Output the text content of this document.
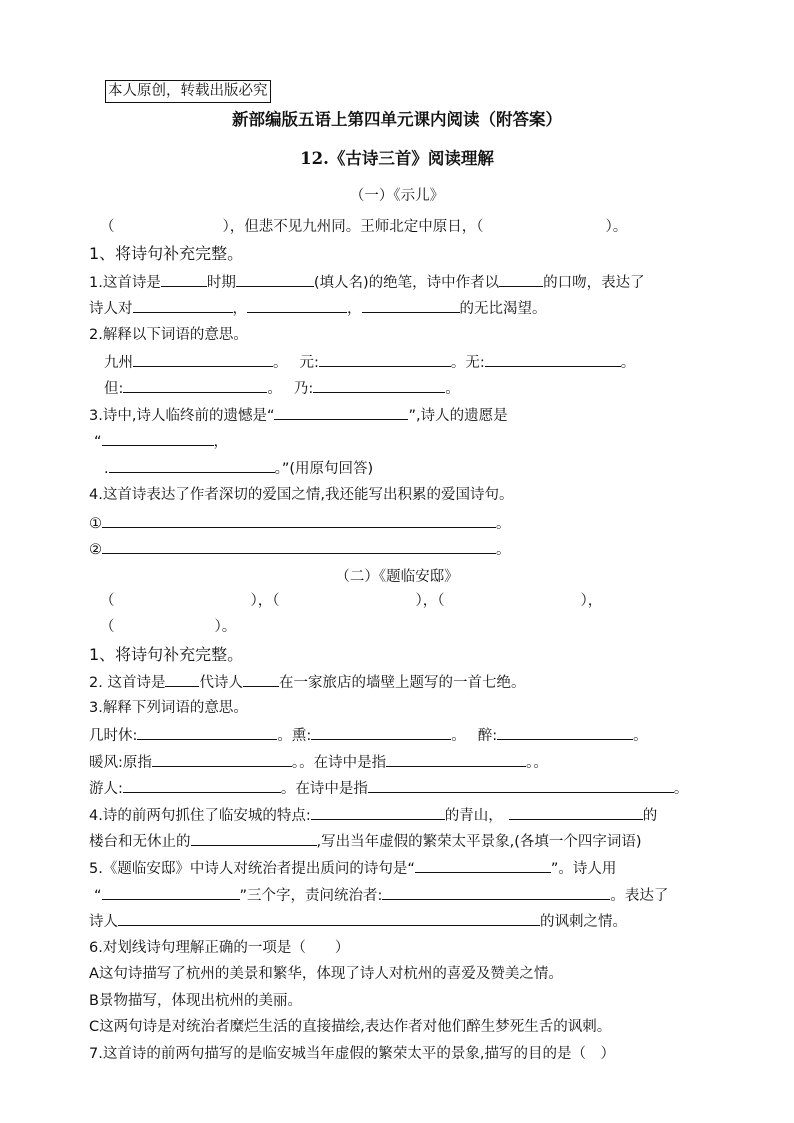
本人原创，转载出版必究
新部编版五语上第四单元课内阅读（附答案）
12.《古诗三首》阅读理解
（一）《示儿》
（	），但悲不见九州同。王师北定中原日，（	）。
1、将诗句补充完整。
1.这首诗是	时期	(填人名)的绝笔，诗中作者以	的口吻，表达了
诗人对	，	，	的无比渴望。
2.解释以下词语的意思。
九州	。 元:	。无:	。
但:	。 乃:	。
3.诗中,诗人临终前的遗憾是“	”,诗人的遗愿是
“	，
.	。”(用原句回答)
4.这首诗表达了作者深切的爱国之情,我还能写出积累的爱国诗句。
①	。
②	。
（二）《题临安邸》
（	），（	），（	），
（	）。
1、将诗句补充完整。
2. 这首诗是 代诗人 在一家旅店的墙壁上题写的一首七绝。
3.解释下列词语的意思。
几时休:	。熏:	。 醉:	。
暖风:原指	。。在诗中是指	。。
游人:	。在诗中是指	。
4.诗的前两句抓住了临安城的特点:	的青山，	的
楼台和无休止的	,写出当年虚假的繁荣太平景象,(各填一个四字词语)
5.《题临安邸》中诗人对统治者提出质问的诗句是“	”。诗人用
“	”三个字，责问统治者:	。表达了
诗人	的讽刺之情。
6.对划线诗句理解正确的一项是（　　）
A这句诗描写了杭州的美景和繁华，体现了诗人对杭州的喜爱及赞美之情。
B景物描写，体现出杭州的美丽。
C这两句诗是对统治者糜烂生活的直接描绘,表达作者对他们醉生梦死生舌的讽刺。
7.这首诗的前两句描写的是临安城当年虚假的繁荣太平的景象,描写的目的是（　）
